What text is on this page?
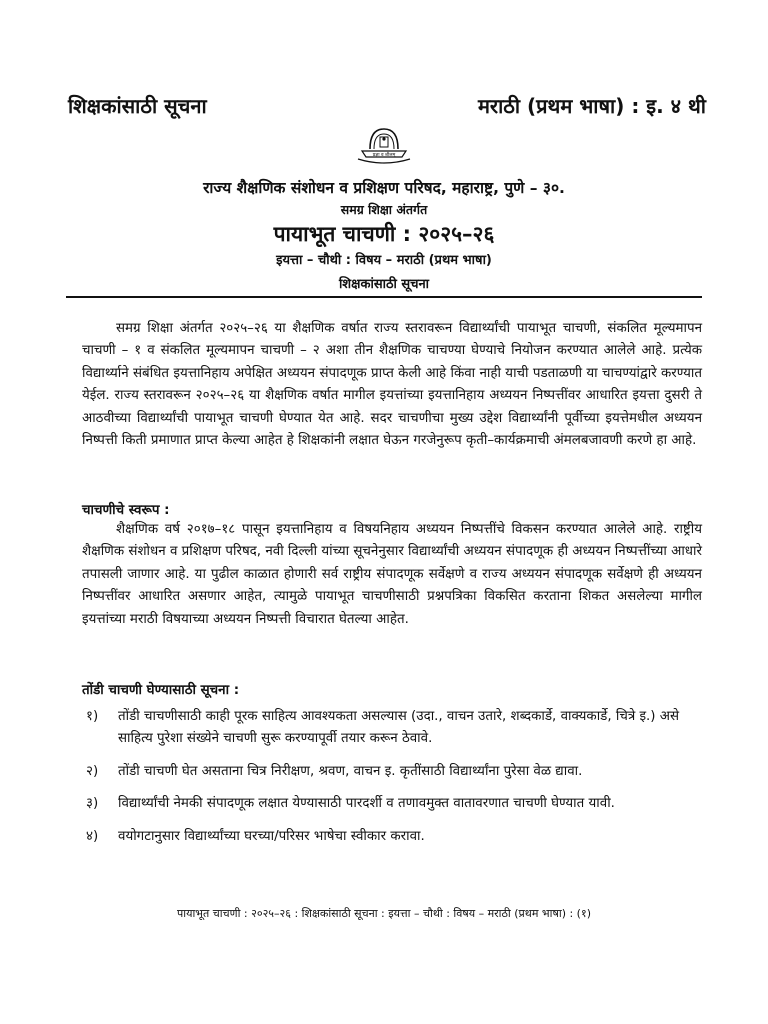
शिक्षकांसाठी सूचना	मराठी (प्रथम भाषा) : इ. ४ थी
प्रज्ञा व शीलम्
राज्य शैक्षणिक संशोधन व प्रशिक्षण परिषद, महाराष्ट्र, पुणे – ३०.
समग्र शिक्षा अंतर्गत
पायाभूत चाचणी : २०२५–२६
इयत्ता – चौथी : विषय – मराठी (प्रथम भाषा)
शिक्षकांसाठी सूचना

समग्र शिक्षा अंतर्गत २०२५–२६ या शैक्षणिक वर्षात राज्य स्तरावरून विद्यार्थ्यांची पायाभूत चाचणी, संकलित मूल्यमापन चाचणी – १ व संकलित मूल्यमापन चाचणी – २ अशा तीन शैक्षणिक चाचण्या घेण्याचे नियोजन करण्यात आलेले आहे. प्रत्येक विद्यार्थ्याने संबंधित इयत्तानिहाय अपेक्षित अध्ययन संपादणूक प्राप्त केली आहे किंवा नाही याची पडताळणी या चाचण्यांद्वारे करण्यात येईल. राज्य स्तरावरून २०२५–२६ या शैक्षणिक वर्षात मागील इयत्तांच्या इयत्तानिहाय अध्ययन निष्पत्तींवर आधारित इयत्ता दुसरी ते आठवीच्या विद्यार्थ्यांची पायाभूत चाचणी घेण्यात येत आहे. सदर चाचणीचा मुख्य उद्देश विद्यार्थ्यांनी पूर्वीच्या इयत्तेमधील अध्ययन निष्पत्ती किती प्रमाणात प्राप्त केल्या आहेत हे शिक्षकांनी लक्षात घेऊन गरजेनुरूप कृती–कार्यक्रमाची अंमलबजावणी करणे हा आहे.

चाचणीचे स्वरूप :

शैक्षणिक वर्ष २०१७–१८ पासून इयत्तानिहाय व विषयनिहाय अध्ययन निष्पत्तींचे विकसन करण्यात आलेले आहे. राष्ट्रीय शैक्षणिक संशोधन व प्रशिक्षण परिषद, नवी दिल्ली यांच्या सूचनेनुसार विद्यार्थ्यांची अध्ययन संपादणूक ही अध्ययन निष्पत्तींच्या आधारे तपासली जाणार आहे. या पुढील काळात होणारी सर्व राष्ट्रीय संपादणूक सर्वेक्षणे व राज्य अध्ययन संपादणूक सर्वेक्षणे ही अध्ययन निष्पत्तींवर आधारित असणार आहेत, त्यामुळे पायाभूत चाचणीसाठी प्रश्नपत्रिका विकसित करताना शिकत असलेल्या मागील इयत्तांच्या मराठी विषयाच्या अध्ययन निष्पत्ती विचारात घेतल्या आहेत.

तोंडी चाचणी घेण्यासाठी सूचना :
१)	तोंडी चाचणीसाठी काही पूरक साहित्य आवश्यकता असल्यास (उदा., वाचन उतारे, शब्दकार्डे, वाक्यकार्डे, चित्रे इ.) असे साहित्य पुरेशा संख्येने चाचणी सुरू करण्यापूर्वी तयार करून ठेवावे.
२)	तोंडी चाचणी घेत असताना चित्र निरीक्षण, श्रवण, वाचन इ. कृतींसाठी विद्यार्थ्यांना पुरेसा वेळ द्यावा.
३)	विद्यार्थ्यांची नेमकी संपादणूक लक्षात येण्यासाठी पारदर्शी व तणावमुक्त वातावरणात चाचणी घेण्यात यावी.
४)	वयोगटानुसार विद्यार्थ्यांच्या घरच्या/परिसर भाषेचा स्वीकार करावा.
पायाभूत चाचणी : २०२५–२६ : शिक्षकांसाठी सूचना : इयत्ता – चौथी : विषय – मराठी (प्रथम भाषा) : (१)
